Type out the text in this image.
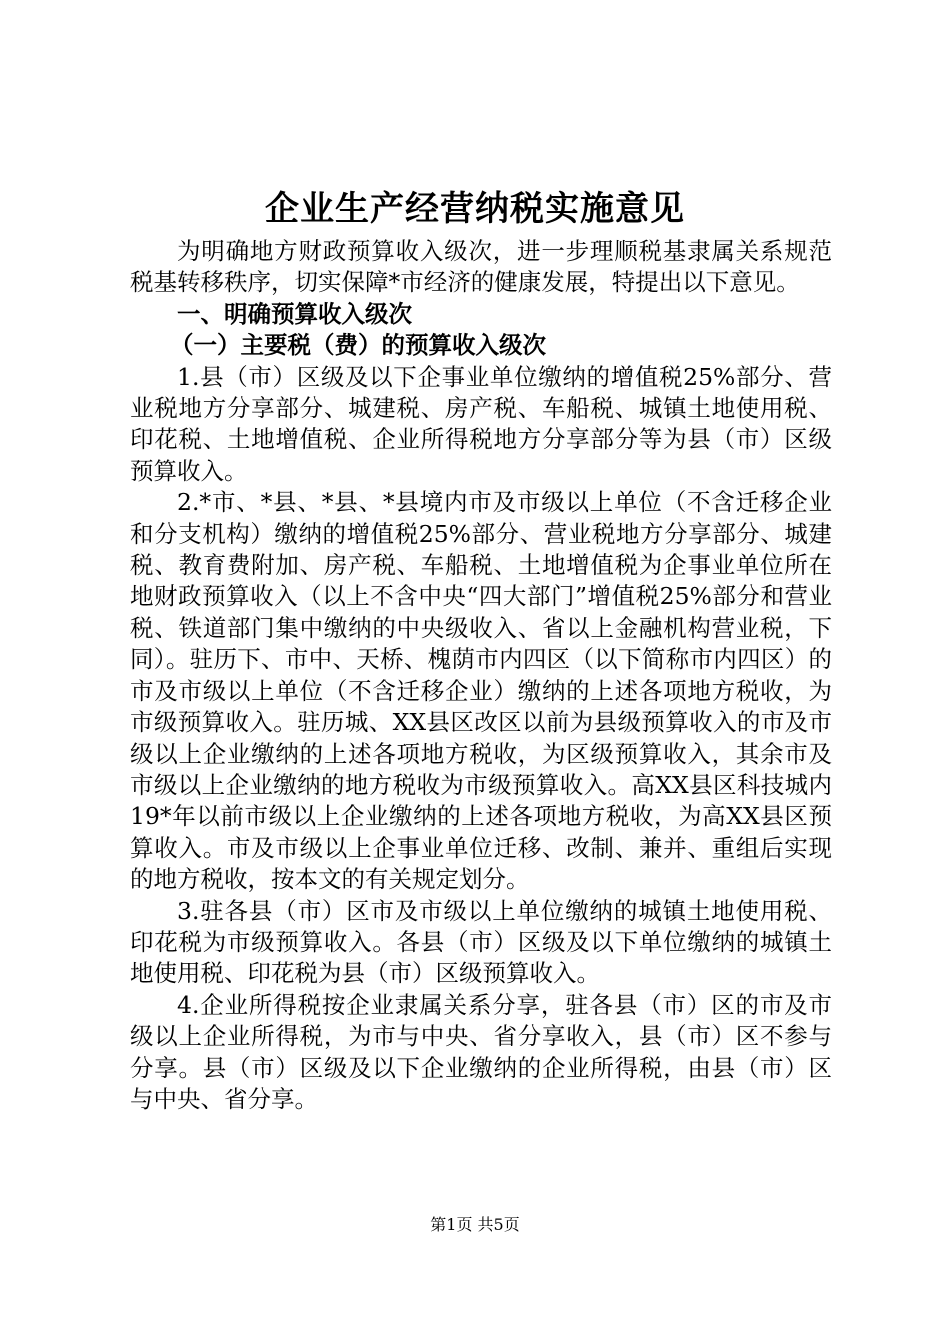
企业生产经营纳税实施意见

为明确地方财政预算收入级次，进一步理顺税基隶属关系规范税基转移秩序，切实保障*市经济的健康发展，特提出以下意见。

一、明确预算收入级次

（一）主要税（费）的预算收入级次

1.县（市）区级及以下企事业单位缴纳的增值税25%部分、营业税地方分享部分、城建税、房产税、车船税、城镇土地使用税、印花税、土地增值税、企业所得税地方分享部分等为县（市）区级预算收入。

2.*市、*县、*县、*县境内市及市级以上单位（不含迁移企业和分支机构）缴纳的增值税25%部分、营业税地方分享部分、城建税、教育费附加、房产税、车船税、土地增值税为企事业单位所在地财政预算收入（以上不含中央“四大部门”增值税25%部分和营业税、铁道部门集中缴纳的中央级收入、省以上金融机构营业税，下同）。驻历下、市中、天桥、槐荫市内四区（以下简称市内四区）的市及市级以上单位（不含迁移企业）缴纳的上述各项地方税收，为市级预算收入。驻历城、XX县区改区以前为县级预算收入的市及市级以上企业缴纳的上述各项地方税收，为区级预算收入，其余市及市级以上企业缴纳的地方税收为市级预算收入。高XX县区科技城内19*年以前市级以上企业缴纳的上述各项地方税收，为高XX县区预算收入。市及市级以上企事业单位迁移、改制、兼并、重组后实现的地方税收，按本文的有关规定划分。

3.驻各县（市）区市及市级以上单位缴纳的城镇土地使用税、印花税为市级预算收入。各县（市）区级及以下单位缴纳的城镇土地使用税、印花税为县（市）区级预算收入。

4.企业所得税按企业隶属关系分享，驻各县（市）区的市及市级以上企业所得税，为市与中央、省分享收入，县（市）区不参与分享。县（市）区级及以下企业缴纳的企业所得税，由县（市）区与中央、省分享。

第1页 共5页
